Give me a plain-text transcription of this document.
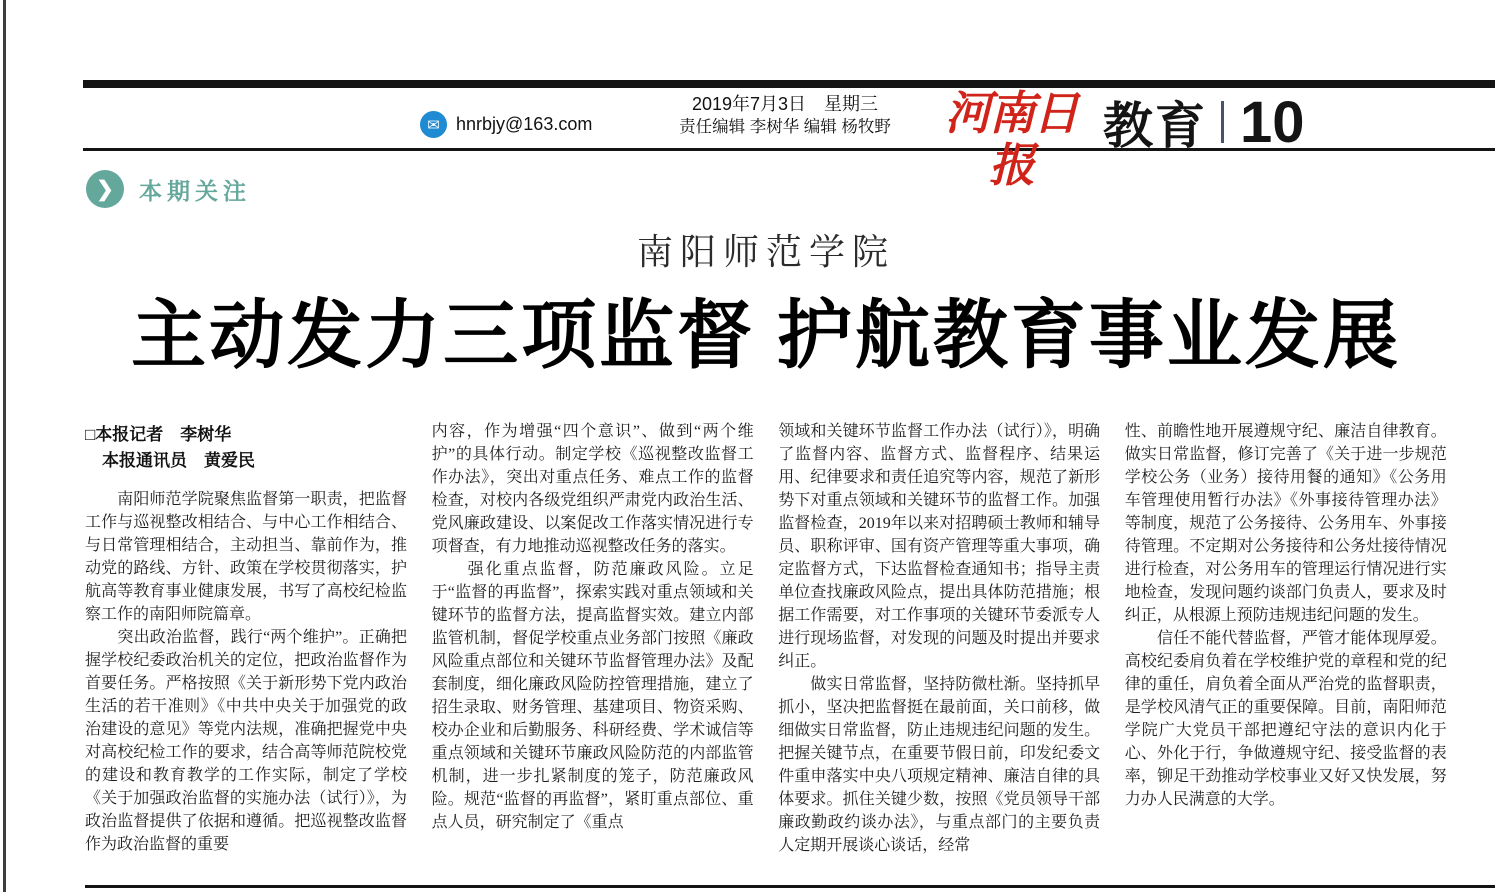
✉ hnrbjy@163.com
2019年7月3日　星期三
责任编辑 李树华 编辑 杨牧野	河南日报
教育 10
❯	本期关注
南阳师范学院
主动发力三项监督 护航教育事业发展
□本报记者　李树华
本报通讯员　黄爱民

　　南阳师范学院聚焦监督第一职责，把监督工作与巡视整改相结合、与中心工作相结合、与日常管理相结合，主动担当、靠前作为，推动党的路线、方针、政策在学校贯彻落实，护航高等教育事业健康发展，书写了高校纪检监察工作的南阳师院篇章。

　　突出政治监督，践行“两个维护”。正确把握学校纪委政治机关的定位，把政治监督作为首要任务。严格按照《关于新形势下党内政治生活的若干准则》《中共中央关于加强党的政治建设的意见》等党内法规，准确把握党中央对高校纪检工作的要求，结合高等师范院校党的建设和教育教学的工作实际，制定了学校《关于加强政治监督的实施办法（试行）》，为政治监督提供了依据和遵循。把巡视整改监督作为政治监督的重要

内容，作为增强“四个意识”、做到“两个维护”的具体行动。制定学校《巡视整改监督工作办法》，突出对重点任务、难点工作的监督检查，对校内各级党组织严肃党内政治生活、党风廉政建设、以案促改工作落实情况进行专项督查，有力地推动巡视整改任务的落实。

　　强化重点监督，防范廉政风险。立足于“监督的再监督”，探索实践对重点领域和关键环节的监督方法，提高监督实效。建立内部监管机制，督促学校重点业务部门按照《廉政风险重点部位和关键环节监督管理办法》及配套制度，细化廉政风险防控管理措施，建立了招生录取、财务管理、基建项目、物资采购、校办企业和后勤服务、科研经费、学术诚信等重点领域和关键环节廉政风险防范的内部监管机制，进一步扎紧制度的笼子，防范廉政风险。规范“监督的再监督”，紧盯重点部位、重点人员，研究制定了《重点

领域和关键环节监督工作办法（试行）》，明确了监督内容、监督方式、监督程序、结果运用、纪律要求和责任追究等内容，规范了新形势下对重点领域和关键环节的监督工作。加强监督检查，2019年以来对招聘硕士教师和辅导员、职称评审、国有资产管理等重大事项，确定监督方式，下达监督检查通知书；指导主责单位查找廉政风险点，提出具体防范措施；根据工作需要，对工作事项的关键环节委派专人进行现场监督，对发现的问题及时提出并要求纠正。

　　做实日常监督，坚持防微杜渐。坚持抓早抓小，坚决把监督挺在最前面，关口前移，做细做实日常监督，防止违规违纪问题的发生。把握关键节点，在重要节假日前，印发纪委文件重申落实中央八项规定精神、廉洁自律的具体要求。抓住关键少数，按照《党员领导干部廉政勤政约谈办法》，与重点部门的主要负责人定期开展谈心谈话，经常

性、前瞻性地开展遵规守纪、廉洁自律教育。做实日常监督，修订完善了《关于进一步规范学校公务（业务）接待用餐的通知》《公务用车管理使用暂行办法》《外事接待管理办法》等制度，规范了公务接待、公务用车、外事接待管理。不定期对公务接待和公务灶接待情况进行检查，对公务用车的管理运行情况进行实地检查，发现问题约谈部门负责人，要求及时纠正，从根源上预防违规违纪问题的发生。

　　信任不能代替监督，严管才能体现厚爱。高校纪委肩负着在学校维护党的章程和党的纪律的重任，肩负着全面从严治党的监督职责，是学校风清气正的重要保障。目前，南阳师范学院广大党员干部把遵纪守法的意识内化于心、外化于行，争做遵规守纪、接受监督的表率，铆足干劲推动学校事业又好又快发展，努力办人民满意的大学。
